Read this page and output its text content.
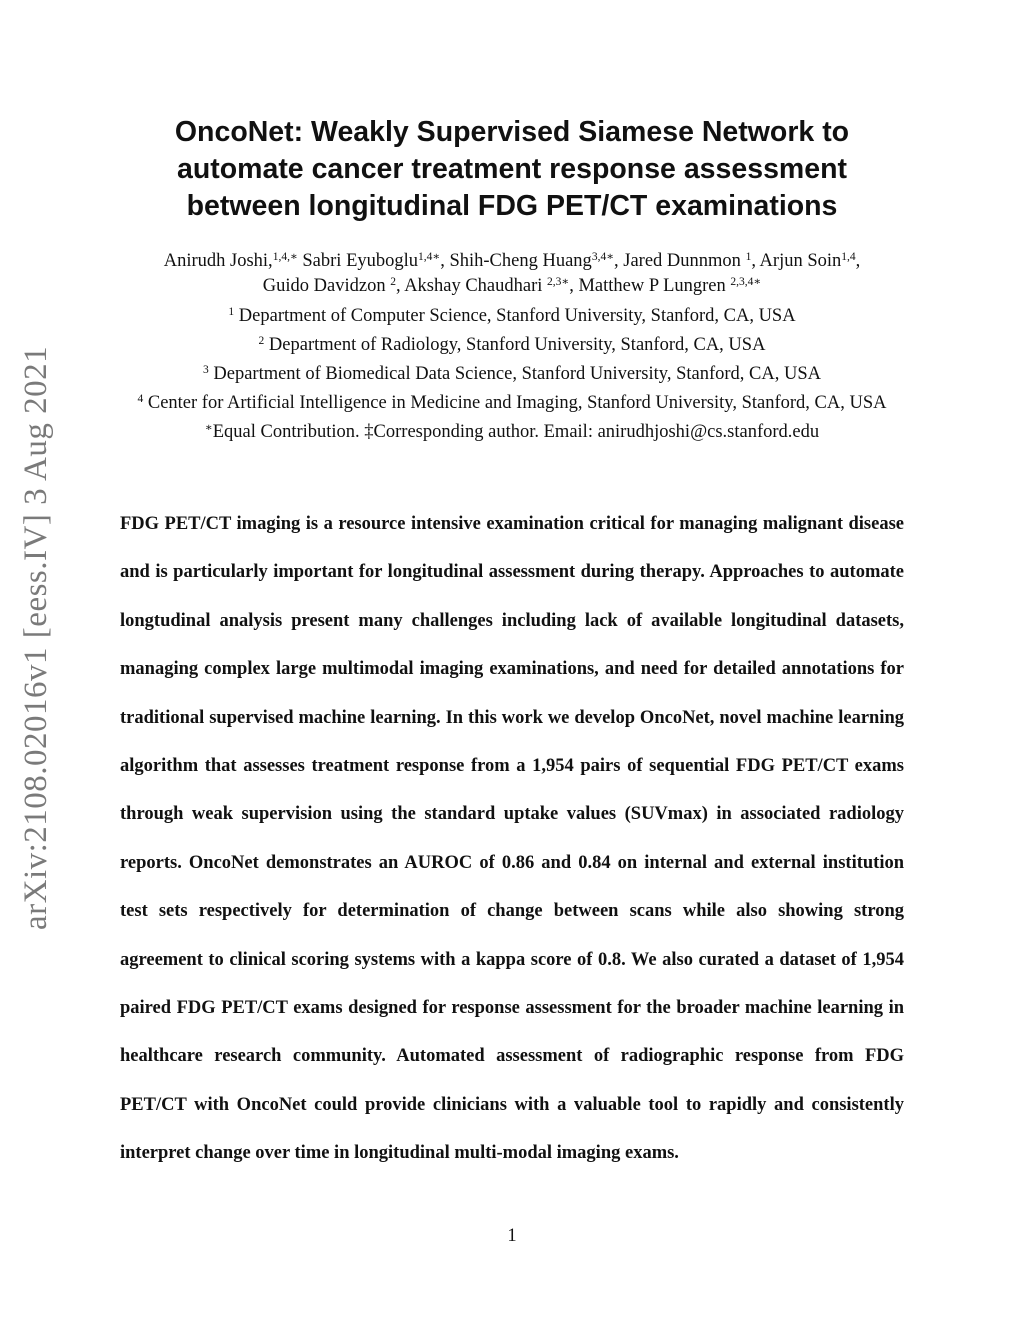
arXiv:2108.02016v1 [eess.IV] 3 Aug 2021
OncoNet: Weakly Supervised Siamese Network to
automate cancer treatment response assessment
between longitudinal FDG PET/CT examinations
Anirudh Joshi,$^{1,4,∗}$ Sabri Eyuboglu$^{1,4∗}$, Shih-Cheng Huang$^{3,4∗}$, Jared Dunnmon $^1$, Arjun Soin$^{1,4}$,
Guido Davidzon $^2$, Akshay Chaudhari $^{2,3∗}$, Matthew P Lungren $^{2,3,4∗}$

$^1$ Department of Computer Science, Stanford University, Stanford, CA, USA

$^2$ Department of Radiology, Stanford University, Stanford, CA, USA

$^3$ Department of Biomedical Data Science, Stanford University, Stanford, CA, USA

$^4$ Center for Artificial Intelligence in Medicine and Imaging, Stanford University, Stanford, CA, USA

∗Equal Contribution. ‡Corresponding author. Email: anirudhjoshi@cs.stanford.edu

FDG PET/CT imaging is a resource intensive examination critical for managing malignant disease and is particularly important for longitudinal assessment during therapy. Approaches to automate longtudinal analysis present many challenges including lack of available longitudinal datasets, managing complex large multimodal imaging examinations, and need for detailed annotations for traditional supervised machine learning. In this work we develop OncoNet, novel machine learning algorithm that assesses treatment response from a 1,954 pairs of sequential FDG PET/CT exams through weak supervision using the standard uptake values (SUVmax) in associated radiology reports. OncoNet demonstrates an AUROC of 0.86 and 0.84 on internal and external institution test sets respectively for determination of change between scans while also showing strong agreement to clinical scoring systems with a kappa score of 0.8. We also curated a dataset of 1,954 paired FDG PET/CT exams designed for response assessment for the broader machine learning in healthcare research community. Automated assessment of radiographic response from FDG PET/CT with OncoNet could provide clinicians with a valuable tool to rapidly and consistently interpret change over time in longitudinal multi-modal imaging exams.

1
